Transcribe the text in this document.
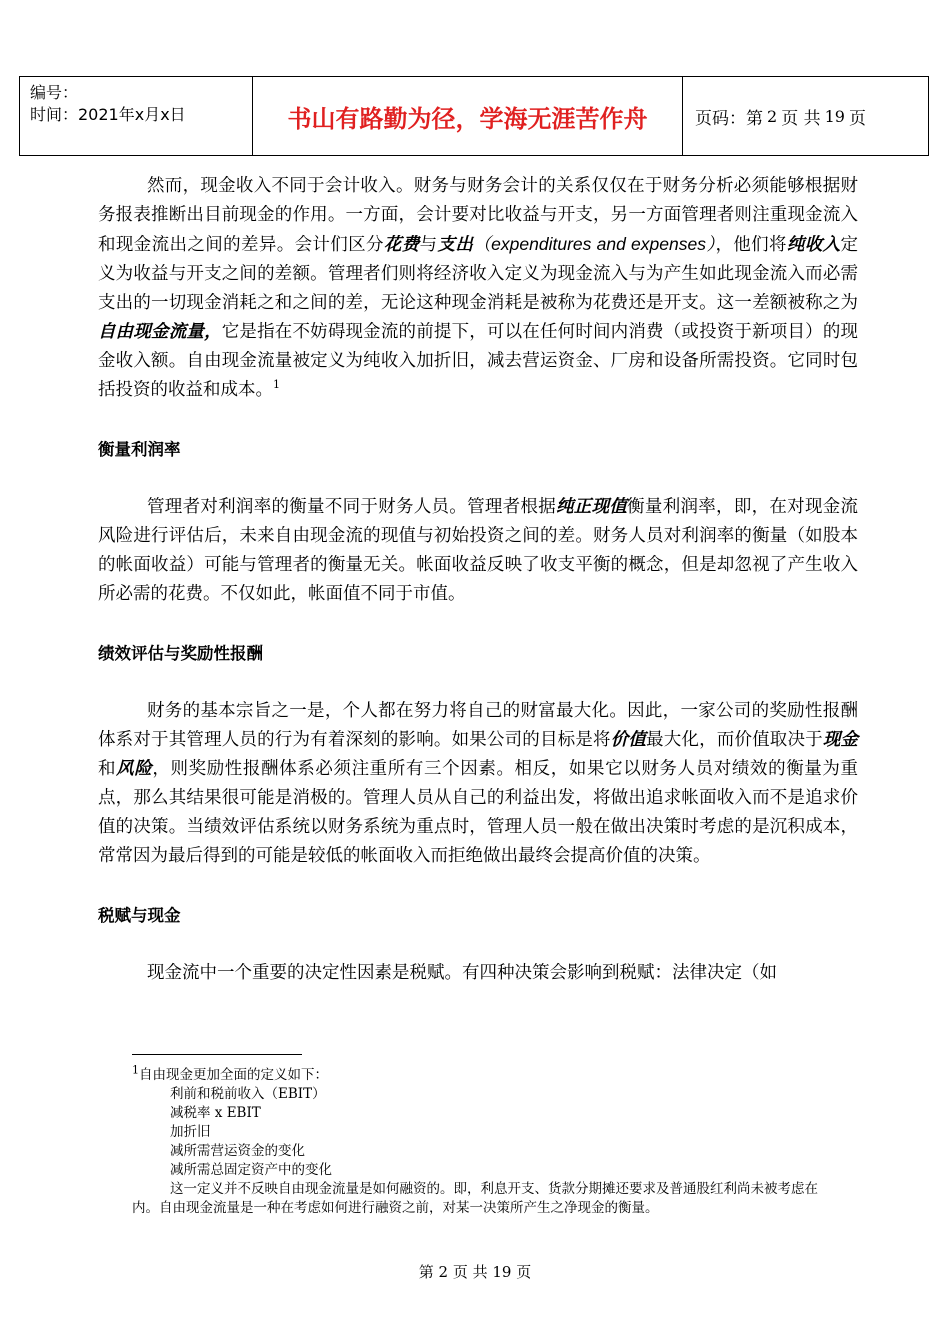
编号：
时间：2021年x月x日	书山有路勤为径，学海无涯苦作舟	页码：第 2 页 共 19 页

然而，现金收入不同于会计收入。财务与财务会计的关系仅仅在于财务分析必须能够根据财务报表推断出目前现金的作用。一方面，会计要对比收益与开支，另一方面管理者则注重现金流入和现金流出之间的差异。会计们区分花费与支出（expenditures and expenses），他们将纯收入定义为收益与开支之间的差额。管理者们则将经济收入定义为现金流入与为产生如此现金流入而必需支出的一切现金消耗之和之间的差，无论这种现金消耗是被称为花费还是开支。这一差额被称之为自由现金流量，它是指在不妨碍现金流的前提下，可以在任何时间内消费（或投资于新项目）的现金收入额。自由现金流量被定义为纯收入加折旧，减去营运资金、厂房和设备所需投资。它同时包括投资的收益和成本。$^1$

衡量利润率

管理者对利润率的衡量不同于财务人员。管理者根据纯正现值衡量利润率，即，在对现金流风险进行评估后，未来自由现金流的现值与初始投资之间的差。财务人员对利润率的衡量（如股本的帐面收益）可能与管理者的衡量无关。帐面收益反映了收支平衡的概念，但是却忽视了产生收入所必需的花费。不仅如此，帐面值不同于市值。

绩效评估与奖励性报酬

财务的基本宗旨之一是，个人都在努力将自己的财富最大化。因此，一家公司的奖励性报酬体系对于其管理人员的行为有着深刻的影响。如果公司的目标是将价值最大化，而价值取决于现金和风险，则奖励性报酬体系必须注重所有三个因素。相反，如果它以财务人员对绩效的衡量为重点，那么其结果很可能是消极的。管理人员从自己的利益出发，将做出追求帐面收入而不是追求价值的决策。当绩效评估系统以财务系统为重点时，管理人员一般在做出决策时考虑的是沉积成本，常常因为最后得到的可能是较低的帐面收入而拒绝做出最终会提高价值的决策。

税赋与现金

现金流中一个重要的决定性因素是税赋。有四种决策会影响到税赋：法律决定（如

$^1$自由现金更加全面的定义如下：
利前和税前收入（EBIT）
减税率 x EBIT
加折旧
减所需营运资金的变化
减所需总固定资产中的变化
这一定义并不反映自由现金流量是如何融资的。即，利息开支、货款分期摊还要求及普通股红利尚未被考虑在内。自由现金流量是一种在考虑如何进行融资之前，对某一决策所产生之净现金的衡量。
第 2 页 共 19 页
